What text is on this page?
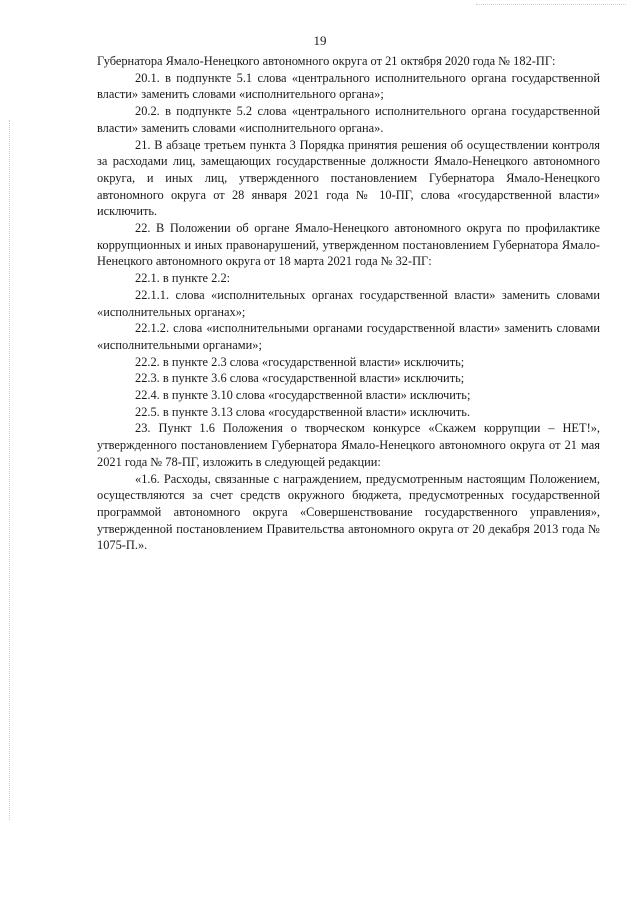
19

Губернатора Ямало-Ненецкого автономного округа от 21 октября 2020 года № 182-ПГ:

20.1. в подпункте 5.1 слова «центрального исполнительного органа государственной власти» заменить словами «исполнительного органа»;

20.2. в подпункте 5.2 слова «центрального исполнительного органа государственной власти» заменить словами «исполнительного органа».

21. В абзаце третьем пункта 3 Порядка принятия решения об осуществлении контроля за расходами лиц, замещающих государственные должности Ямало-Ненецкого автономного округа, и иных лиц, утвержденного постановлением Губернатора Ямало-Ненецкого автономного округа от 28 января 2021 года № 10-ПГ, слова «государственной власти» исключить.

22. В Положении об органе Ямало-Ненецкого автономного округа по профилактике коррупционных и иных правонарушений, утвержденном постановлением Губернатора Ямало-Ненецкого автономного округа от 18 марта 2021 года № 32-ПГ:

22.1. в пункте 2.2:

22.1.1. слова «исполнительных органах государственной власти» заменить словами «исполнительных органах»;

22.1.2. слова «исполнительными органами государственной власти» заменить словами «исполнительными органами»;

22.2. в пункте 2.3 слова «государственной власти» исключить;

22.3. в пункте 3.6 слова «государственной власти» исключить;

22.4. в пункте 3.10 слова «государственной власти» исключить;

22.5. в пункте 3.13 слова «государственной власти» исключить.

23. Пункт 1.6 Положения о творческом конкурсе «Скажем коррупции – НЕТ!», утвержденного постановлением Губернатора Ямало-Ненецкого автономного округа от 21 мая 2021 года № 78-ПГ, изложить в следующей редакции:

«1.6. Расходы, связанные с награждением, предусмотренным настоящим Положением, осуществляются за счет средств окружного бюджета, предусмотренных государственной программой автономного округа «Совершенствование государственного управления», утвержденной постановлением Правительства автономного округа от 20 декабря 2013 года № 1075-П.».
